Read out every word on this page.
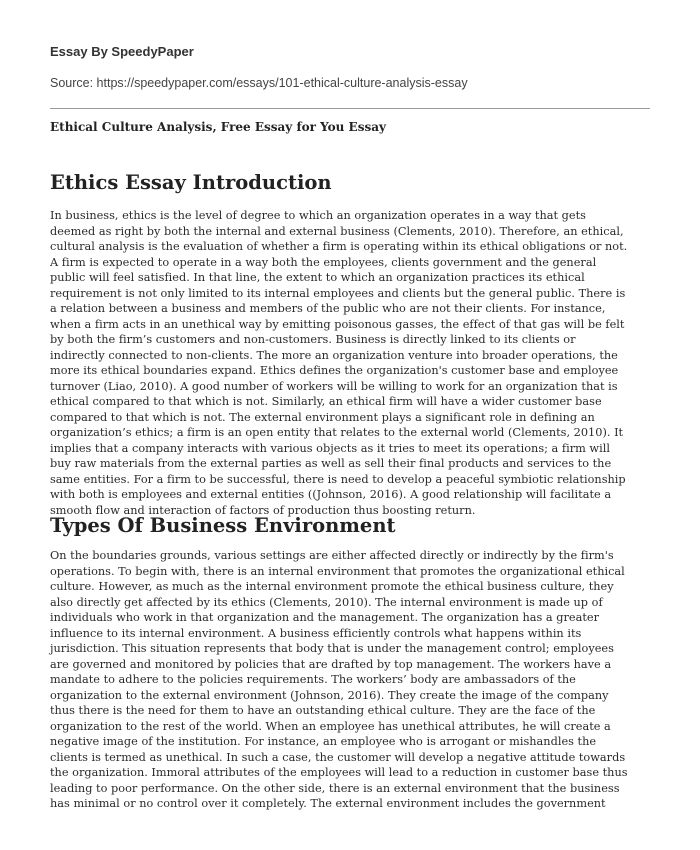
Essay By SpeedyPaper
Source: https://speedypaper.com/essays/101-ethical-culture-analysis-essay
Ethical Culture Analysis, Free Essay for You Essay
Ethics Essay Introduction

In business, ethics is the level of degree to which an organization operates in a way that gets
deemed as right by both the internal and external business (Clements, 2010). Therefore, an ethical,
cultural analysis is the evaluation of whether a firm is operating within its ethical obligations or not.
A firm is expected to operate in a way both the employees, clients government and the general
public will feel satisfied. In that line, the extent to which an organization practices its ethical
requirement is not only limited to its internal employees and clients but the general public. There is
a relation between a business and members of the public who are not their clients. For instance,
when a firm acts in an unethical way by emitting poisonous gasses, the effect of that gas will be felt
by both the firm’s customers and non-customers. Business is directly linked to its clients or
indirectly connected to non-clients. The more an organization venture into broader operations, the
more its ethical boundaries expand. Ethics defines the organization's customer base and employee
turnover (Liao, 2010). A good number of workers will be willing to work for an organization that is
ethical compared to that which is not. Similarly, an ethical firm will have a wider customer base
compared to that which is not. The external environment plays a significant role in defining an
organization’s ethics; a firm is an open entity that relates to the external world (Clements, 2010). It
implies that a company interacts with various objects as it tries to meet its operations; a firm will
buy raw materials from the external parties as well as sell their final products and services to the
same entities. For a firm to be successful, there is need to develop a peaceful symbiotic relationship
with both is employees and external entities ((Johnson, 2016). A good relationship will facilitate a
smooth flow and interaction of factors of production thus boosting return.

Types Of Business Environment

On the boundaries grounds, various settings are either affected directly or indirectly by the firm's
operations. To begin with, there is an internal environment that promotes the organizational ethical
culture. However, as much as the internal environment promote the ethical business culture, they
also directly get affected by its ethics (Clements, 2010). The internal environment is made up of
individuals who work in that organization and the management. The organization has a greater
influence to its internal environment. A business efficiently controls what happens within its
jurisdiction. This situation represents that body that is under the management control; employees
are governed and monitored by policies that are drafted by top management. The workers have a
mandate to adhere to the policies requirements. The workers’ body are ambassadors of the
organization to the external environment (Johnson, 2016). They create the image of the company
thus there is the need for them to have an outstanding ethical culture. They are the face of the
organization to the rest of the world. When an employee has unethical attributes, he will create a
negative image of the institution. For instance, an employee who is arrogant or mishandles the
clients is termed as unethical. In such a case, the customer will develop a negative attitude towards
the organization. Immoral attributes of the employees will lead to a reduction in customer base thus
leading to poor performance. On the other side, there is an external environment that the business
has minimal or no control over it completely. The external environment includes the government
